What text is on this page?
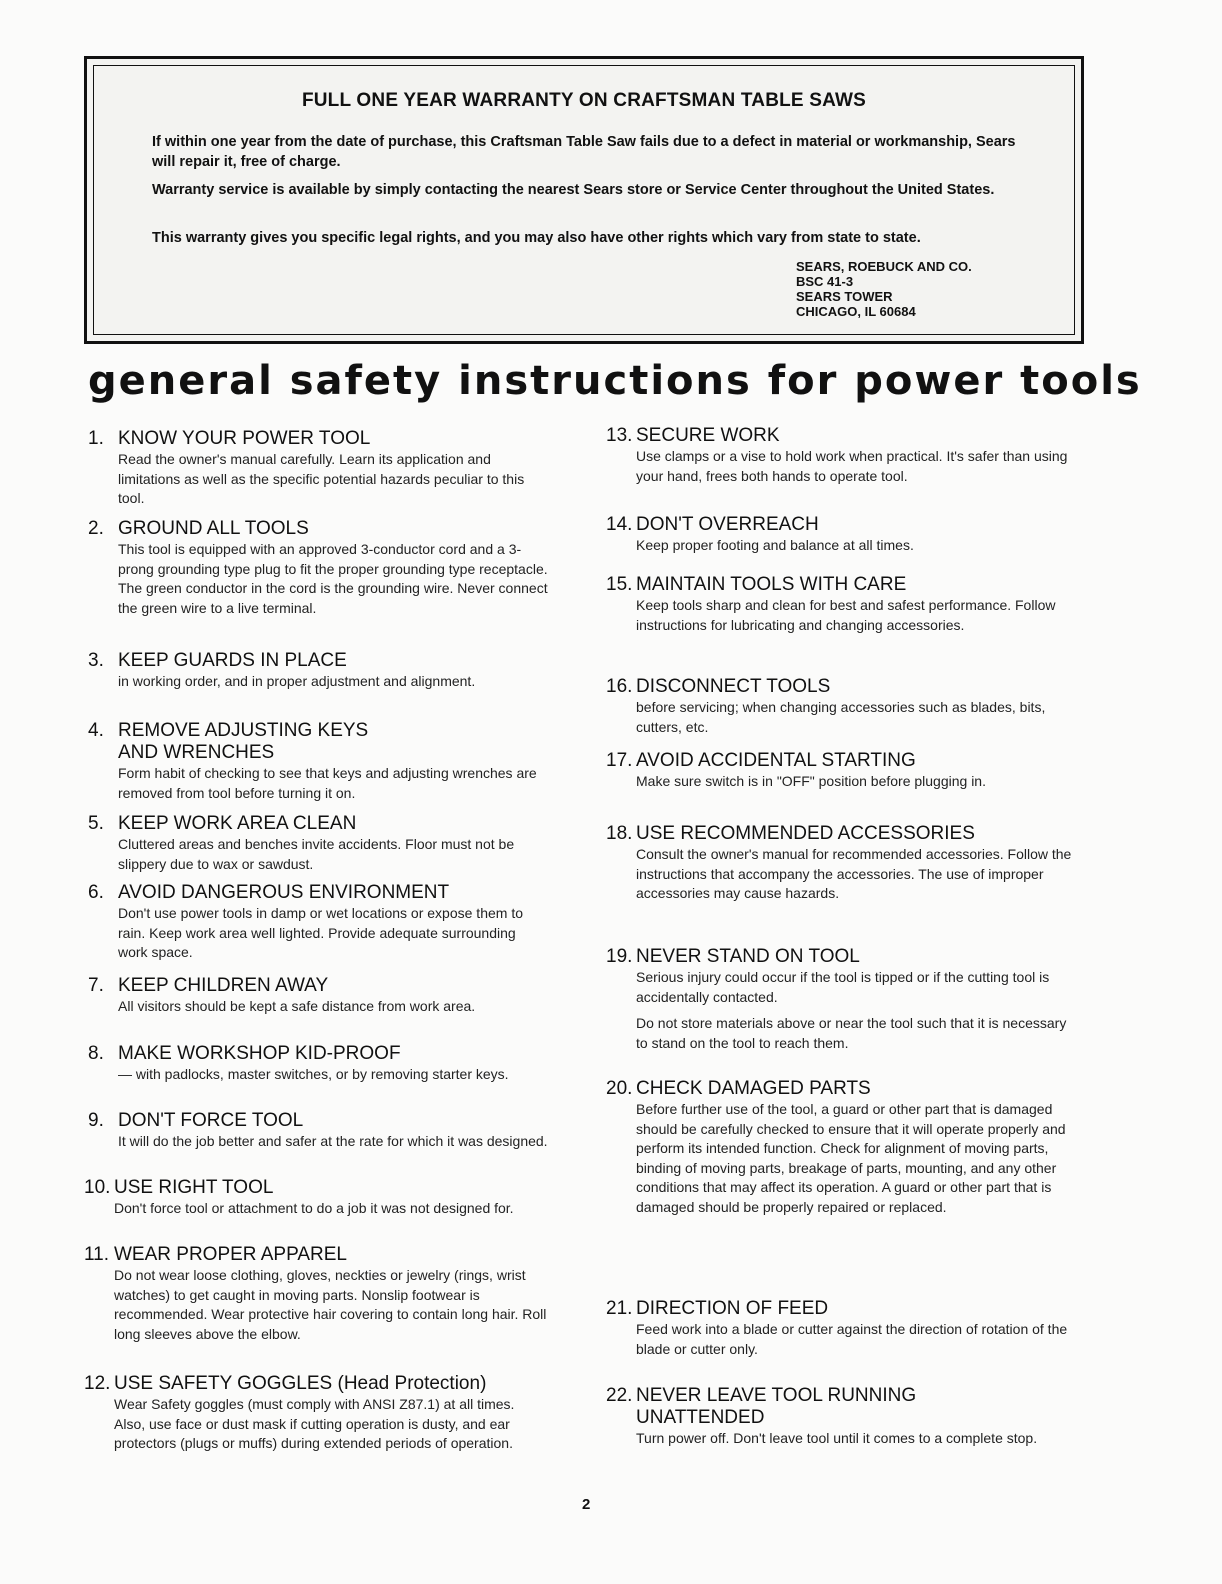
FULL ONE YEAR WARRANTY ON CRAFTSMAN TABLE SAWS
If within one year from the date of purchase, this Craftsman Table Saw fails due to a defect in material or workmanship, Sears will repair it, free of charge.
Warranty service is available by simply contacting the nearest Sears store or Service Center throughout the United States.
This warranty gives you specific legal rights, and you may also have other rights which vary from state to state.
SEARS, ROEBUCK AND CO.
BSC 41-3
SEARS TOWER
CHICAGO, IL 60684
general safety instructions for power tools
1. KNOW YOUR POWER TOOL
Read the owner's manual carefully. Learn its application and limitations as well as the specific potential hazards peculiar to this tool.
2. GROUND ALL TOOLS
This tool is equipped with an approved 3-conductor cord and a 3-prong grounding type plug to fit the proper grounding type receptacle. The green conductor in the cord is the grounding wire. Never connect the green wire to a live terminal.
3. KEEP GUARDS IN PLACE
in working order, and in proper adjustment and alignment.
4. REMOVE ADJUSTING KEYS
AND WRENCHES
Form habit of checking to see that keys and adjusting wrenches are removed from tool before turning it on.
5. KEEP WORK AREA CLEAN
Cluttered areas and benches invite accidents. Floor must not be slippery due to wax or sawdust.
6. AVOID DANGEROUS ENVIRONMENT
Don't use power tools in damp or wet locations or expose them to rain. Keep work area well lighted. Provide adequate surrounding work space.
7. KEEP CHILDREN AWAY
All visitors should be kept a safe distance from work area.
8. MAKE WORKSHOP KID-PROOF
— with padlocks, master switches, or by removing starter keys.
9. DON'T FORCE TOOL
It will do the job better and safer at the rate for which it was designed.
10. USE RIGHT TOOL
Don't force tool or attachment to do a job it was not designed for.
11. WEAR PROPER APPAREL
Do not wear loose clothing, gloves, neckties or jewelry (rings, wrist watches) to get caught in moving parts. Nonslip footwear is recommended. Wear protective hair covering to contain long hair. Roll long sleeves above the elbow.
12. USE SAFETY GOGGLES (Head Protection)
Wear Safety goggles (must comply with ANSI Z87.1) at all times. Also, use face or dust mask if cutting operation is dusty, and ear protectors (plugs or muffs) during extended periods of operation.
13. SECURE WORK
Use clamps or a vise to hold work when practical. It's safer than using your hand, frees both hands to operate tool.
14. DON'T OVERREACH
Keep proper footing and balance at all times.
15. MAINTAIN TOOLS WITH CARE
Keep tools sharp and clean for best and safest performance. Follow instructions for lubricating and changing accessories.
16. DISCONNECT TOOLS
before servicing; when changing accessories such as blades, bits, cutters, etc.
17. AVOID ACCIDENTAL STARTING
Make sure switch is in "OFF" position before plugging in.
18. USE RECOMMENDED ACCESSORIES
Consult the owner's manual for recommended accessories. Follow the instructions that accompany the accessories. The use of improper accessories may cause hazards.
19. NEVER STAND ON TOOL
Serious injury could occur if the tool is tipped or if the cutting tool is accidentally contacted.
Do not store materials above or near the tool such that it is necessary to stand on the tool to reach them.
20. CHECK DAMAGED PARTS
Before further use of the tool, a guard or other part that is damaged should be carefully checked to ensure that it will operate properly and perform its intended function. Check for alignment of moving parts, binding of moving parts, breakage of parts, mounting, and any other conditions that may affect its operation. A guard or other part that is damaged should be properly repaired or replaced.
21. DIRECTION OF FEED
Feed work into a blade or cutter against the direction of rotation of the blade or cutter only.
22. NEVER LEAVE TOOL RUNNING
UNATTENDED
Turn power off. Don't leave tool until it comes to a complete stop.
2
